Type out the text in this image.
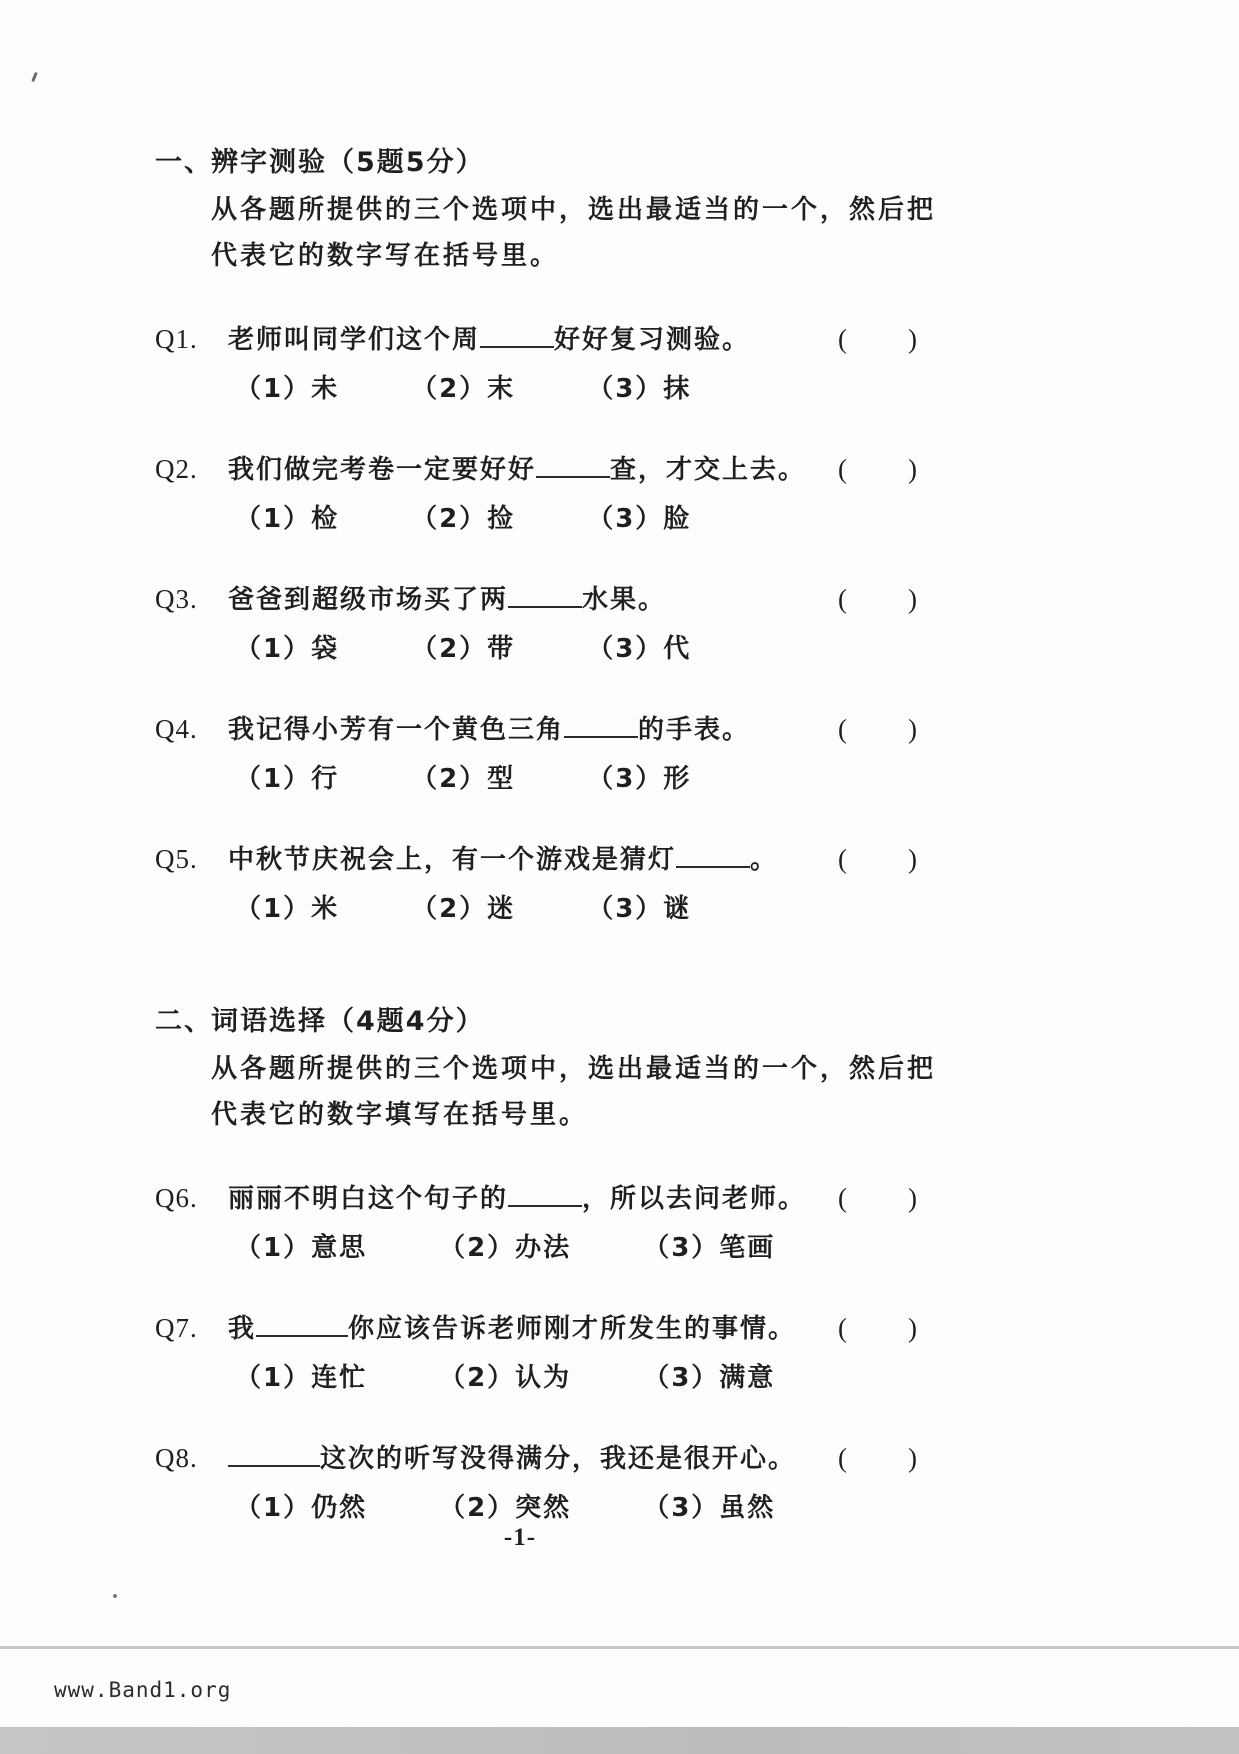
一、
辨字测验（5题5分）
从各题所提供的三个选项中，选出最适当的一个，然后把
代表它的数字写在括号里。
Q1.	老师叫同学们这个周	好好复习测验。	( )
（1）未	（2）末	（3）抹
Q2.	我们做完考卷一定要好好	查，才交上去。 ( )
（1）检	（2）捡	（3）脸
Q3.	爸爸到超级市场买了两	水果。	( )
（1）袋	（2）带	（3）代
Q4.	我记得小芳有一个黄色三角	的手表。	( )
（1）行	（2）型	（3）形
Q5.	中秋节庆祝会上，有一个游戏是猜灯	。 ( )
（1）米	（2）迷	（3）谜
二、
词语选择（4题4分）
从各题所提供的三个选项中，选出最适当的一个，然后把
代表它的数字填写在括号里。
Q6.	丽丽不明白这个句子的	，所以去问老师。 ( )
（1）意思	（2）办法	（3）笔画
Q7.	我	你应该告诉老师刚才所发生的事情。 ( )
（1）连忙	（2）认为	（3）满意
Q8.	这次的听写没得满分，我还是很开心。 ( )
（1）仍然	（2）突然	（3）虽然
-1-
www.Band1.org
